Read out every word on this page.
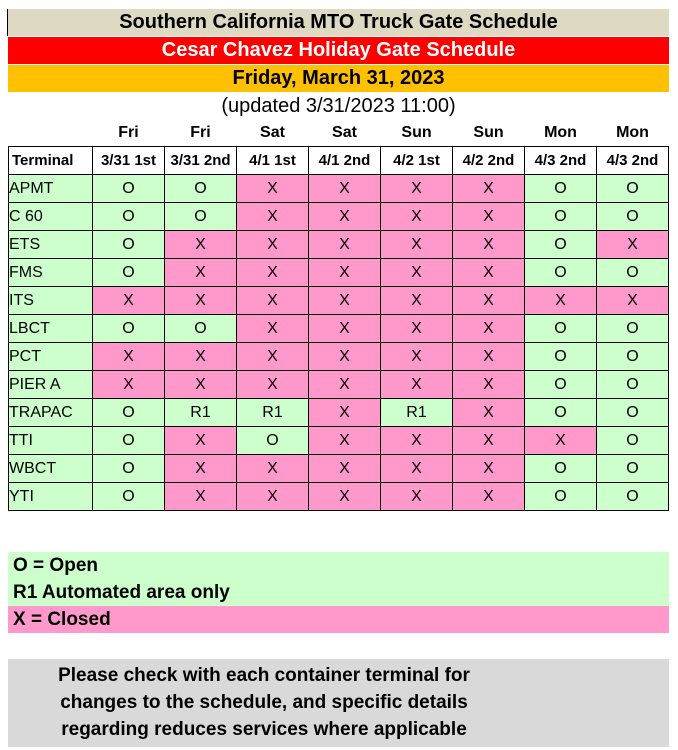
Southern California MTO Truck Gate Schedule
Cesar Chavez Holiday Gate Schedule
Friday, March 31, 2023
(updated 3/31/2023 11:00)
	Fri	Fri	Sat	Sat	Sun	Sun	Mon	Mon
Terminal	3/31 1st	3/31 2nd	4/1 1st	4/1 2nd	4/2 1st	4/2 2nd	4/3 2nd	4/3 2nd
APMT	O	O	X	X	X	X	O	O
C 60	O	O	X	X	X	X	O	O
ETS	O	X	X	X	X	X	O	X
FMS	O	X	X	X	X	X	O	O
ITS	X	X	X	X	X	X	X	X
LBCT	O	O	X	X	X	X	O	O
PCT	X	X	X	X	X	X	O	O
PIER A	X	X	X	X	X	X	O	O
TRAPAC	O	R1	R1	X	R1	X	O	O
TTI	O	X	O	X	X	X	X	O
WBCT	O	X	X	X	X	X	O	O
YTI	O	X	X	X	X	X	O	O
O = Open
R1 Automated area only
X = Closed
Please check with each container terminal for
changes to the schedule, and specific details
regarding reduces services where applicable
